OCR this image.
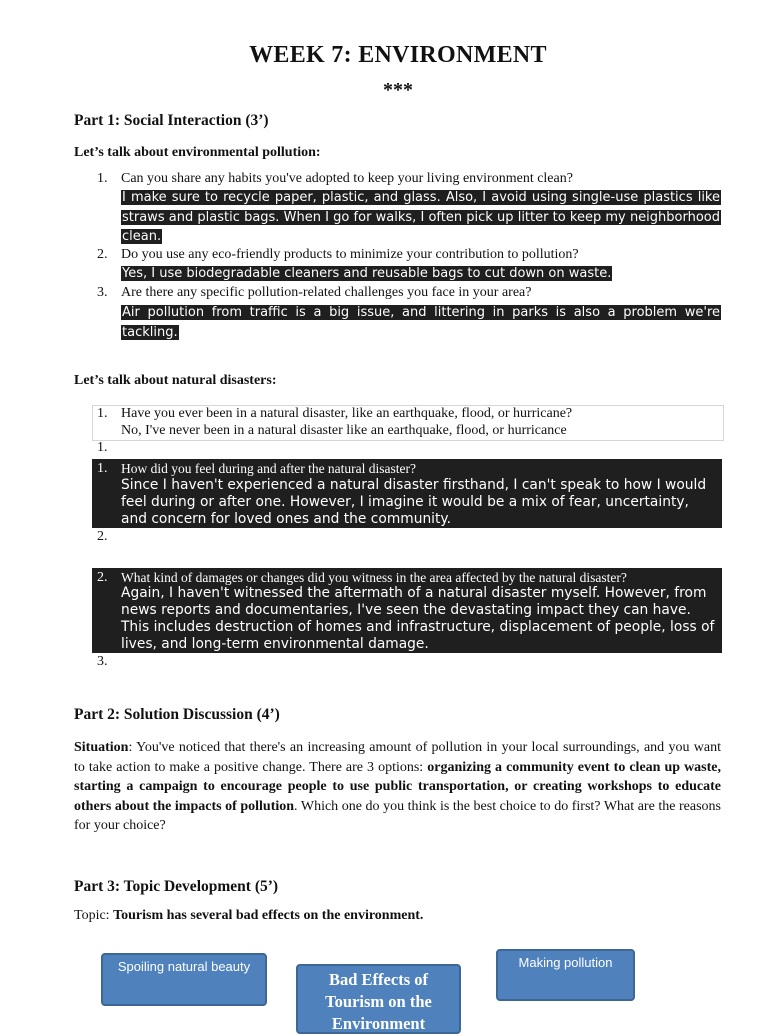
WEEK 7: ENVIRONMENT
***
Part 1: Social Interaction (3’)
Let’s talk about environmental pollution:
1. Can you share any habits you've adopted to keep your living environment clean?
I make sure to recycle paper, plastic, and glass. Also, I avoid using single-use plastics like straws and plastic bags. When I go for walks, I often pick up litter to keep my neighborhood clean.
2. Do you use any eco-friendly products to minimize your contribution to pollution?
Yes, I use biodegradable cleaners and reusable bags to cut down on waste.
3. Are there any specific pollution-related challenges you face in your area?
Air pollution from traffic is a big issue, and littering in parks is also a problem we're tackling.
Let’s talk about natural disasters:
1. Have you ever been in a natural disaster, like an earthquake, flood, or hurricane?
No, I've never been in a natural disaster like an earthquake, flood, or hurricance
1.
1. How did you feel during and after the natural disaster?
Since I haven't experienced a natural disaster firsthand, I can't speak to how I would feel during or after one. However, I imagine it would be a mix of fear, uncertainty, and concern for loved ones and the community.
2.
2. What kind of damages or changes did you witness in the area affected by the natural disaster?
Again, I haven't witnessed the aftermath of a natural disaster myself. However, from news reports and documentaries, I've seen the devastating impact they can have. This includes destruction of homes and infrastructure, displacement of people, loss of lives, and long-term environmental damage.
3.
Part 2: Solution Discussion (4’)
Situation: You've noticed that there's an increasing amount of pollution in your local surroundings, and you want to take action to make a positive change. There are 3 options: organizing a community event to clean up waste, starting a campaign to encourage people to use public transportation, or creating workshops to educate others about the impacts of pollution. Which one do you think is the best choice to do first? What are the reasons for your choice?
Part 3: Topic Development (5’)
Topic: Tourism has several bad effects on the environment.
Spoiling natural beauty	Making pollution
Bad Effects of Tourism on the Environment
